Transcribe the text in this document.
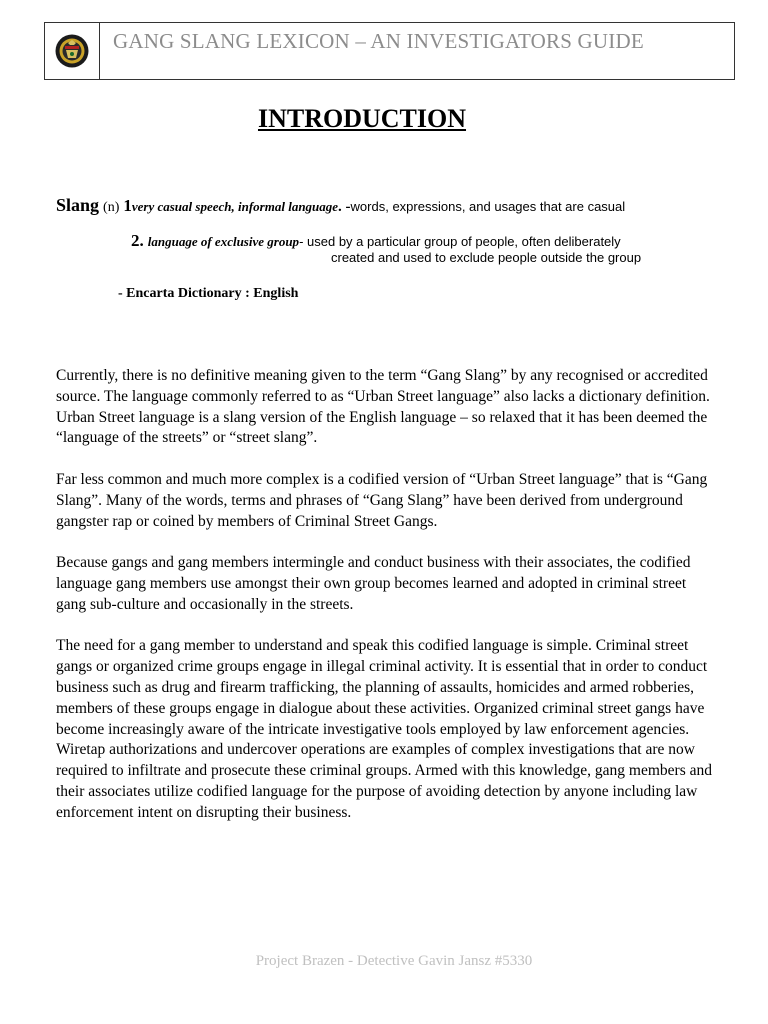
GANG SLANG LEXICON – AN INVESTIGATORS GUIDE
INTRODUCTION
Slang (n) 1very casual speech, informal language. -words, expressions, and usages that are casual
2. language of exclusive group- used by a particular group of people, often deliberately
created and used to exclude people outside the group
- Encarta Dictionary : English

Currently, there is no definitive meaning given to the term “Gang Slang” by any recognised or accredited source. The language commonly referred to as “Urban Street language” also lacks a dictionary definition. Urban Street language is a slang version of the English language – so relaxed that it has been deemed the “language of the streets” or “street slang”.

Far less common and much more complex is a codified version of “Urban Street language” that is “Gang Slang”. Many of the words, terms and phrases of “Gang Slang” have been derived from underground gangster rap or coined by members of Criminal Street Gangs.

Because gangs and gang members intermingle and conduct business with their associates, the codified language gang members use amongst their own group becomes learned and adopted in criminal street gang sub-culture and occasionally in the streets.

The need for a gang member to understand and speak this codified language is simple. Criminal street gangs or organized crime groups engage in illegal criminal activity. It is essential that in order to conduct business such as drug and firearm trafficking, the planning of assaults, homicides and armed robberies, members of these groups engage in dialogue about these activities. Organized criminal street gangs have become increasingly aware of the intricate investigative tools employed by law enforcement agencies. Wiretap authorizations and undercover operations are examples of complex investigations that are now required to infiltrate and prosecute these criminal groups. Armed with this knowledge, gang members and their associates utilize codified language for the purpose of avoiding detection by anyone including law enforcement intent on disrupting their business.

Project Brazen - Detective Gavin Jansz #5330
